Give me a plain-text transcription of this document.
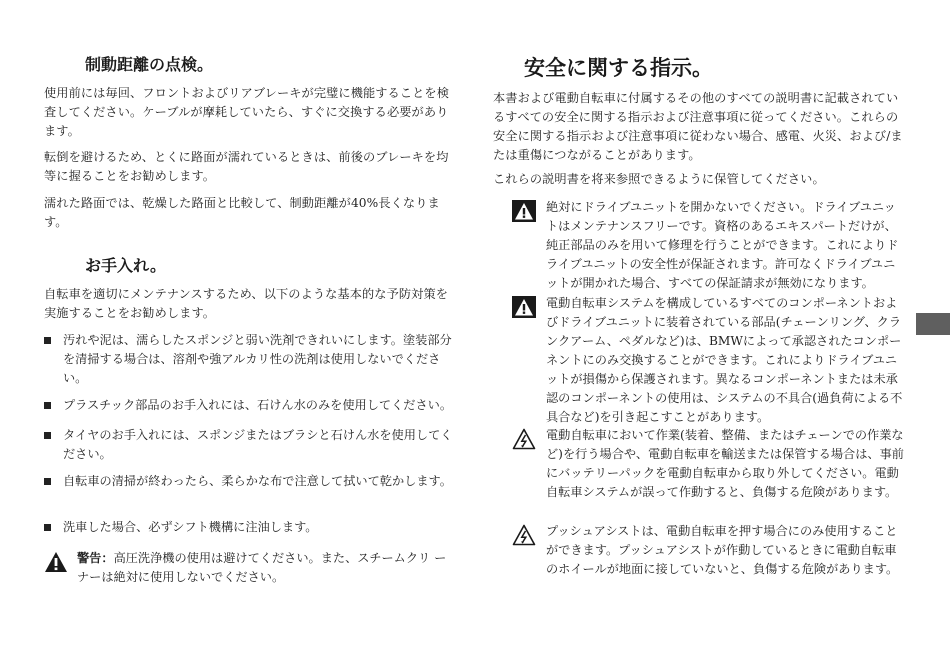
制動距離の点検。

使用前には毎回、フロントおよびリアブレーキが完璧に機能することを検査してください。ケーブルが摩耗していたら、すぐに交換する必要があります。

転倒を避けるため、とくに路面が濡れているときは、前後のブレーキを均等に握ることをお勧めします。

濡れた路面では、乾燥した路面と比較して、制動距離が40%長くなります。

お手入れ。

自転車を適切にメンテナンスするため、以下のような基本的な予防対策を実施することをお勧めします。

汚れや泥は、濡らしたスポンジと弱い洗剤できれいにします。塗装部分を清掃する場合は、溶剤や強アルカリ性の洗剤は使用しないでください。
プラスチック部品のお手入れには、石けん水のみを使用してください。
タイヤのお手入れには、スポンジまたはブラシと石けん水を使用してください。
自転車の清掃が終わったら、柔らかな布で注意して拭いて乾かします。
洗車した場合、必ずシフト機構に注油します。
警告：高圧洗浄機の使用は避けてください。また、スチームクリ ー ナーは絶対に使用しないでください。
安全に関する指示。

本書および電動自転車に付属するその他のすべての説明書に記載されているすべての安全に関する指示および注意事項に従ってください。これらの安全に関する指示および注意事項に従わない場合、感電、火災、および/または重傷につながることがあります。

これらの説明書を将来参照できるように保管してください。

絶対にドライブユニットを開かないでください。ドライブユニットはメンテナンスフリーです。資格のあるエキスパートだけが、純正部品のみを用いて修理を行うことができます。これによりドライブユニットの安全性が保証されます。許可なくドライブユニットが開かれた場合、すべての保証請求が無効になります。
電動自転車システムを構成しているすべてのコンポーネントおよびドライブユニットに装着されている部品(チェーンリング、クランクアーム、ペダルなど)は、BMWによって承認されたコンポーネントにのみ交換することができます。これによりドライブユニットが損傷から保護されます。異なるコンポーネントまたは未承認のコンポーネントの使用は、システムの不具合(過負荷による不具合など)を引き起こすことがあります。
電動自転車において作業(装着、整備、またはチェーンでの作業など)を行う場合や、電動自転車を輸送または保管する場合は、事前にバッテリーパックを電動自転車から取り外してください。電動自転車システムが誤って作動すると、負傷する危険があります。
プッシュアシストは、電動自転車を押す場合にのみ使用することができます。プッシュアシストが作動しているときに電動自転車のホイールが地面に接していないと、負傷する危険があります。
